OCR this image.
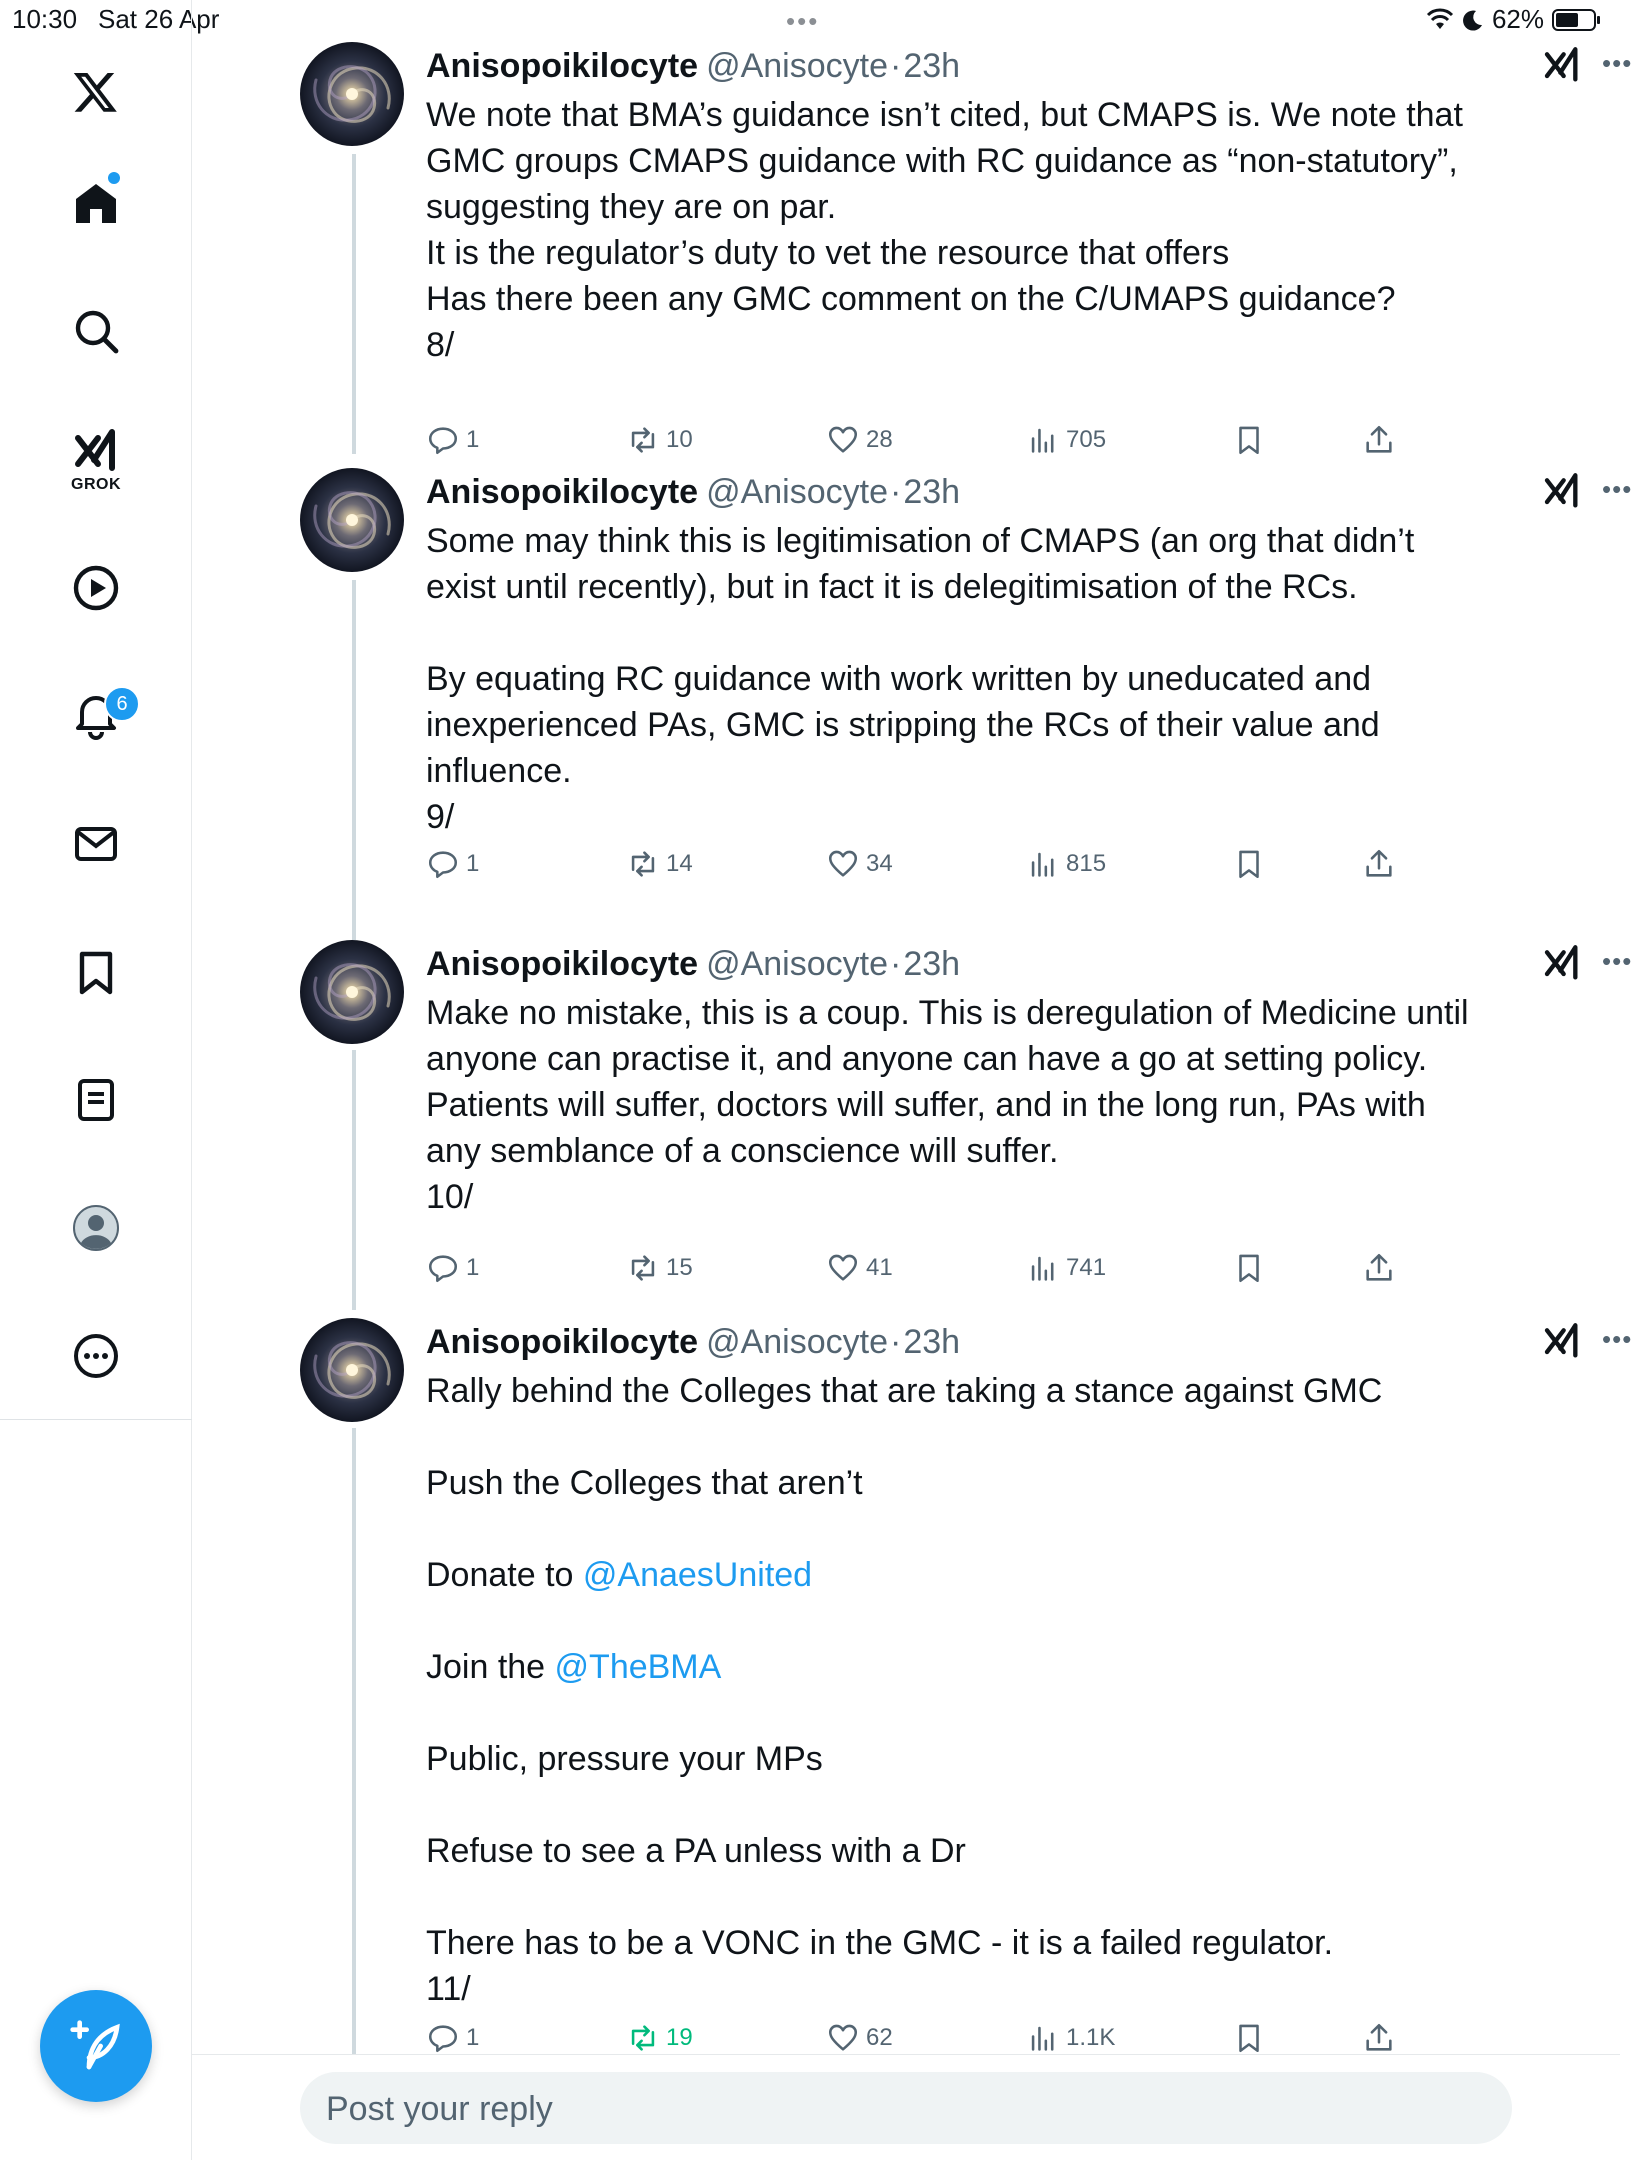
10:30 Sat 26 Apr	•••	62%
GROK
6
Anisopoikilocyte @Anisocyte·23h	•••
We note that BMA’s guidance isn’t cited, but CMAPS is. We note that GMC groups CMAPS guidance with RC guidance as “non-statutory”, suggesting they are on par.
It is the regulator’s duty to vet the resource that offers
Has there been any GMC comment on the C/UMAPS guidance?
8/
1	10	28	705
Anisopoikilocyte @Anisocyte·23h	•••
Some may think this is legitimisation of CMAPS (an org that didn’t exist until recently), but in fact it is delegitimisation of the RCs.

By equating RC guidance with work written by uneducated and inexperienced PAs, GMC is stripping the RCs of their value and influence.
9/
1	14	34	815
Anisopoikilocyte @Anisocyte·23h	•••
Make no mistake, this is a coup. This is deregulation of Medicine until anyone can practise it, and anyone can have a go at setting policy. Patients will suffer, doctors will suffer, and in the long run, PAs with any semblance of a conscience will suffer.
10/
1	15	41	741
Anisopoikilocyte @Anisocyte·23h	•••
Rally behind the Colleges that are taking a stance against GMC

Push the Colleges that aren’t

Donate to @AnaesUnited

Join the @TheBMA

Public, pressure your MPs

Refuse to see a PA unless with a Dr

There has to be a VONC in the GMC - it is a failed regulator.
11/
1	19	62	1.1K
Post your reply
